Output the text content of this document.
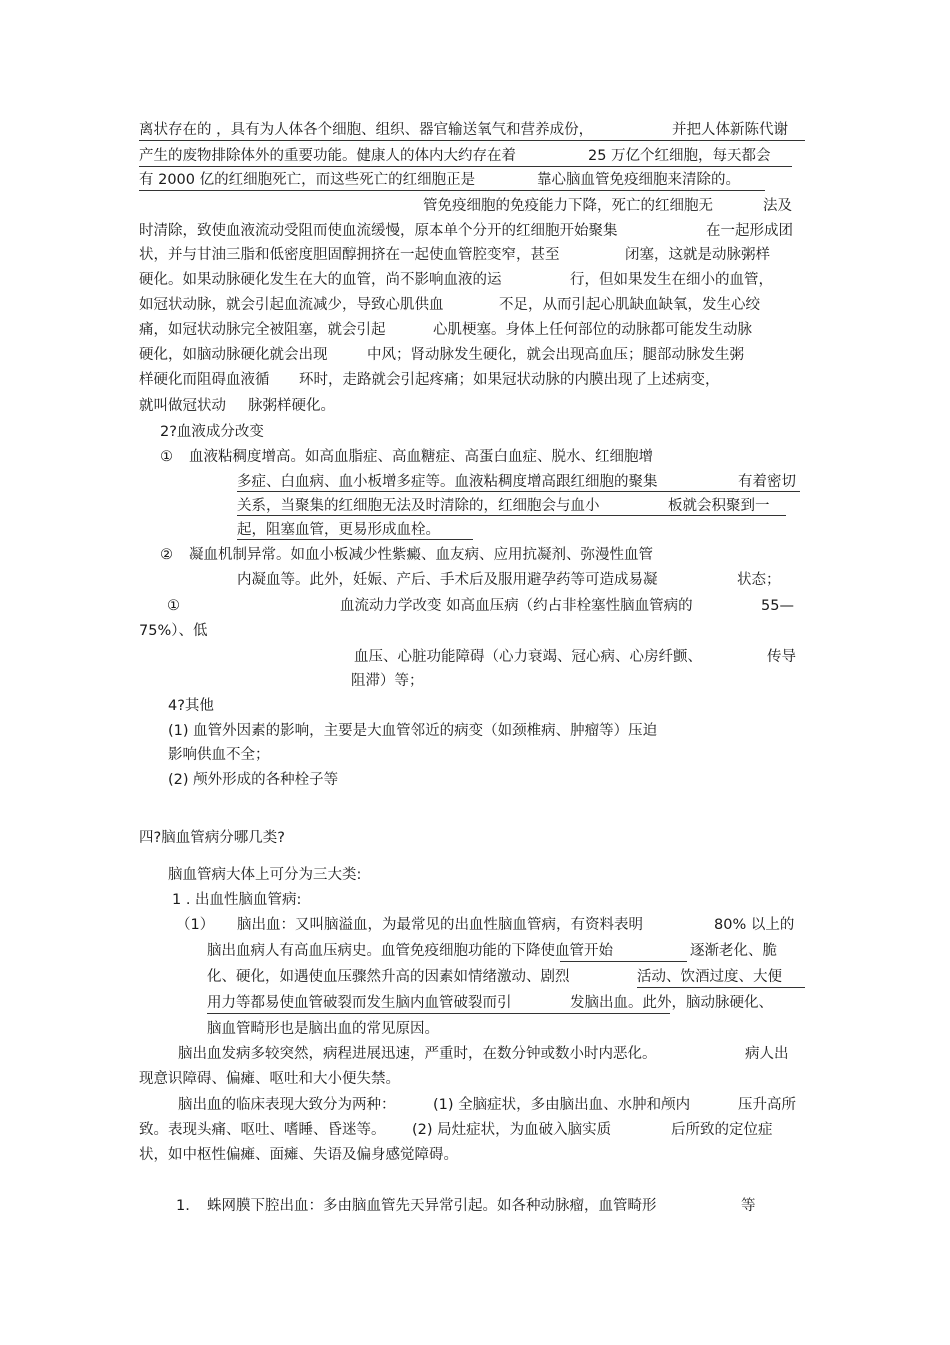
离状存在的 ，具有为人体各个细胞、组织、器官输送氧气和营养成份，	并把人体新陈代谢
产生的废物排除体外的重要功能。健康人的体内大约存在着	25 万亿个红细胞，每天都会
有 2000 亿的红细胞死亡，而这些死亡的红细胞正是	靠心脑血管免疫细胞来清除的。
管免疫细胞的免疫能力下降，死亡的红细胞无	法及
时清除，致使血液流动受阻而使血流缓慢，原本单个分开的红细胞开始聚集	在一起形成团
状，并与甘油三脂和低密度胆固醇拥挤在一起使血管腔变窄，甚至	闭塞，这就是动脉粥样
硬化。如果动脉硬化发生在大的血管，尚不影响血液的运	行，但如果发生在细小的血管，
如冠状动脉，就会引起血流减少，导致心肌供血	不足，从而引起心肌缺血缺氧，发生心绞
痛，如冠状动脉完全被阻塞，就会引起	心肌梗塞。身体上任何部位的动脉都可能发生动脉
硬化，如脑动脉硬化就会出现	中风；肾动脉发生硬化，就会出现高血压；腿部动脉发生粥
样硬化而阻碍血液循 环时，走路就会引起疼痛；如果冠状动脉的内膜出现了上述病变，
就叫做冠状动 脉粥样硬化。
2?血液成分改变
① 血液粘稠度增高。如高血脂症、高血糖症、高蛋白血症、脱水、红细胞增
多症、白血病、血小板增多症等。血液粘稠度增高跟红细胞的聚集	有着密切
关系，当聚集的红细胞无法及时清除的，红细胞会与血小	板就会积聚到一
起，阻塞血管，更易形成血栓。
② 凝血机制异常。如血小板减少性紫癜、血友病、应用抗凝剂、弥漫性血管
内凝血等。此外，妊娠、产后、手术后及服用避孕药等可造成易凝	状态；
①	血流动力学改变 如高血压病（约占非栓塞性脑血管病的	55—
75%）、低
血压、心脏功能障碍（心力衰竭、冠心病、心房纤颤、	传导
阻滞）等；
4?其他
(1) 血管外因素的影响，主要是大血管邻近的病变（如颈椎病、肿瘤等）压迫
影响供血不全；
(2) 颅外形成的各种栓子等
四?脑血管病分哪几类?
脑血管病大体上可分为三大类:
1 . 出血性脑血管病:
（1） 脑出血：又叫脑溢血，为最常见的出血性脑血管病，有资料表明	80% 以上的
脑出血病人有高血压病史。血管免疫细胞功能的下降使血管开始	逐渐老化、脆
化、硬化，如遇使血压骤然升高的因素如情绪激动、剧烈	活动、饮酒过度、大便
用力等都易使血管破裂而发生脑内血管破裂而引	发脑出血。此外，脑动脉硬化、
脑血管畸形也是脑出血的常见原因。
脑出血发病多较突然，病程进展迅速，严重时，在数分钟或数小时内恶化。	病人出
现意识障碍、偏瘫、呕吐和大小便失禁。
脑出血的临床表现大致分为两种：	(1) 全脑症状，多由脑出血、水肿和颅内	压升高所
致。表现头痛、呕吐、嗜睡、昏迷等。 (2) 局灶症状，为血破入脑实质	后所致的定位症
状，如中枢性偏瘫、面瘫、失语及偏身感觉障碍。
1. 蛛网膜下腔出血：多由脑血管先天异常引起。如各种动脉瘤，血管畸形	等
